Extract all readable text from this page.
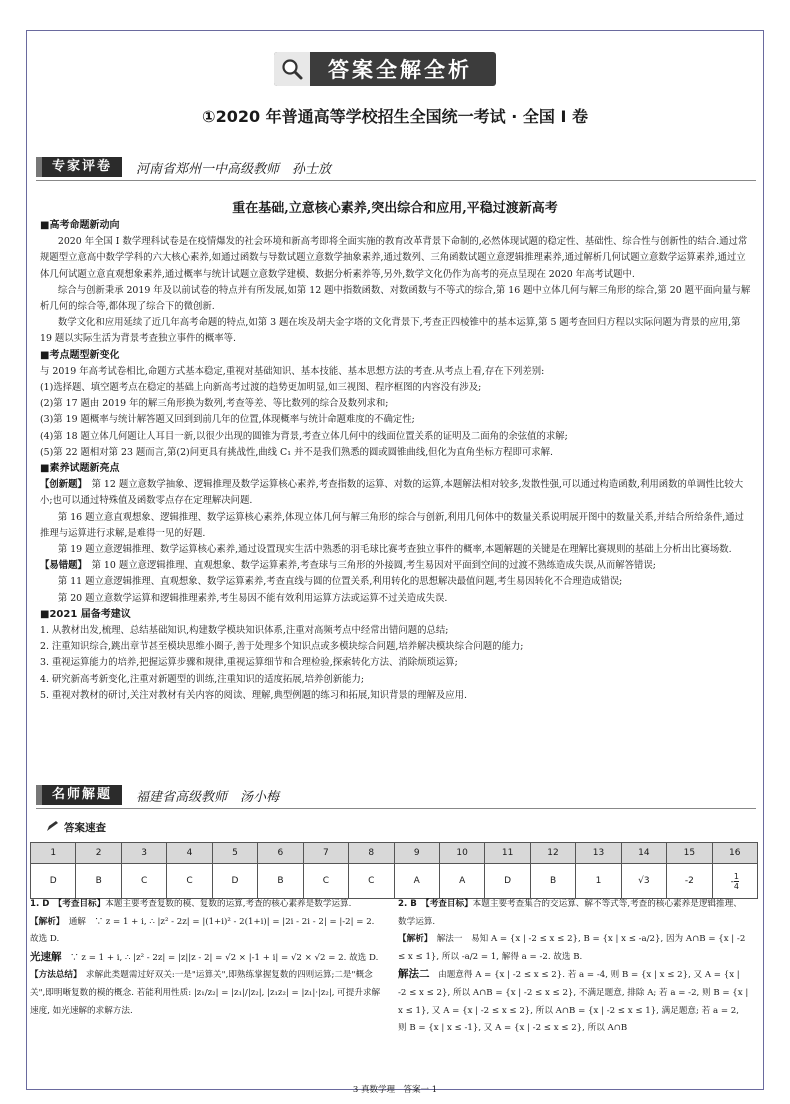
答案全解全析
①2020 年普通高等学校招生全国统一考试 · 全国 Ⅰ 卷
专家评卷	河南省郑州一中高级教师　孙士放
重在基础,立意核心素养,突出综合和应用,平稳过渡新高考

■高考命题新动向

2020 年全国 Ⅰ 数学理科试卷是在疫情爆发的社会环境和新高考即将全面实施的教育改革背景下命制的,必然体现试题的稳定性、基础性、综合性与创新性的结合.通过常规题型立意高中数学学科的六大核心素养,如通过函数与导数试题立意数学抽象素养,通过数列、三角函数试题立意逻辑推理素养,通过解析几何试题立意数学运算素养,通过立体几何试题立意直观想象素养,通过概率与统计试题立意数学建模、数据分析素养等,另外,数学文化仍作为高考的亮点呈现在 2020 年高考试题中.

综合与创新秉承 2019 年及以前试卷的特点并有所发展,如第 12 题中指数函数、对数函数与不等式的综合,第 16 题中立体几何与解三角形的综合,第 20 题平面向量与解析几何的综合等,都体现了综合下的微创新.

数学文化和应用延续了近几年高考命题的特点,如第 3 题在埃及胡夫金字塔的文化背景下,考查正四棱锥中的基本运算,第 5 题考查回归方程以实际问题为背景的应用,第 19 题以实际生活为背景考查独立事件的概率等.

■考点题型新变化

与 2019 年高考试卷相比,命题方式基本稳定,重视对基础知识、基本技能、基本思想方法的考查.从考点上看,存在下列差别:

(1)选择题、填空题考点在稳定的基础上向新高考过渡的趋势更加明显,如三视图、程序框图的内容没有涉及;

(2)第 17 题由 2019 年的解三角形换为数列,考查等差、等比数列的综合及数列求和;

(3)第 19 题概率与统计解答题又回到到前几年的位置,体现概率与统计命题难度的不确定性;

(4)第 18 题立体几何题让人耳目一新,以很少出现的圆锥为背景,考查立体几何中的线面位置关系的证明及二面角的余弦值的求解;

(5)第 22 题相对第 23 题而言,第(2)问更具有挑战性,曲线 C₁ 并不是我们熟悉的圆或圆锥曲线,但化为直角坐标方程即可求解.

■素养试题新亮点

【创新题】　 第 12 题立意数学抽象、逻辑推理及数学运算核心素养,考查指数的运算、对数的运算,本题解法相对较多,发散性强,可以通过构造函数,利用函数的单调性比较大小;也可以通过特殊值及函数零点存在定理解决问题.

第 16 题立意直观想象、逻辑推理、数学运算核心素养,体现立体几何与解三角形的综合与创新,利用几何体中的数量关系说明展开图中的数量关系,并结合所给条件,通过推理与运算进行求解,是难得一见的好题.

第 19 题立意逻辑推理、数学运算核心素养,通过设置现实生活中熟悉的羽毛球比赛考查独立事件的概率,本题解题的关键是在理解比赛规则的基础上分析出比赛场数.

【易错题】　 第 10 题立意逻辑推理、直观想象、数学运算素养,考查球与三角形的外接圆,考生易因对平面到空间的过渡不熟练造成失误,从而解答错误;

第 11 题立意逻辑推理、直观想象、数学运算素养,考查直线与圆的位置关系,利用转化的思想解决最值问题,考生易因转化不合理造成错误;

第 20 题立意数学运算和逻辑推理素养,考生易因不能有效利用运算方法或运算不过关造成失误.

■2021 届备考建议

1. 从教材出发,梳理、总结基础知识,构建数学模块知识体系,注重对高频考点中经常出错问题的总结;

2. 注重知识综合,跳出章节甚至模块思维小圈子,善于处理多个知识点或多模块综合问题,培养解决模块综合问题的能力;

3. 重视运算能力的培养,把握运算步骤和规律,重视运算细节和合理检验,探索转化方法、消除烦琐运算;

4. 研究新高考新变化,注重对新题型的训练,注重知识的适度拓展,培养创新能力;

5. 重视对教材的研讨,关注对教材有关内容的阅读、理解,典型例题的练习和拓展,知识背景的理解及应用.

名师解题	福建省高级教师　汤小梅
答案速查
1	2	3	4	5	6	7	8	9	10	11	12	13	14	15	16
D	B	C	C	D	B	C	C	A	A	D	B	1	√3	-2	- $\frac{1}{4}$

1. D　 【考查目标】本题主要考查复数的模、复数的运算,考查的核心素养是数学运算.

【解析】　 通解　∵ z = 1 + i, ∴ |z² - 2z| = |(1+i)² - 2(1+i)| = |2i - 2i - 2| = |-2| = 2. 故选 D.

光速解　 ∵ z = 1 + i, ∴ |z² - 2z| = |z||z - 2| = √2 × |-1 + i| = √2 × √2 = 2. 故选 D.

【方法总结】　 求解此类题需过好双关:一是"运算关",即熟练掌握复数的四则运算;二是"概念关",即明晰复数的模的概念. 若能利用性质: |z₁/z₂| = |z₁|/|z₂|, |z₁z₂| = |z₁|·|z₂|, 可提升求解速度, 如光速解的求解方法.

2. B　 【考查目标】本题主要考查集合的交运算、解不等式等,考查的核心素养是逻辑推理、数学运算.

【解析】　 解法一　易知 A = {x | -2 ≤ x ≤ 2}, B = {x | x ≤ -a/2}, 因为 A∩B = {x | -2 ≤ x ≤ 1}, 所以 -a/2 = 1, 解得 a = -2. 故选 B.

解法二　 由题意得 A = {x | -2 ≤ x ≤ 2}. 若 a = -4, 则 B = {x | x ≤ 2}, 又 A = {x | -2 ≤ x ≤ 2}, 所以 A∩B = {x | -2 ≤ x ≤ 2}, 不满足题意, 排除 A; 若 a = -2, 则 B = {x | x ≤ 1}, 又 A = {x | -2 ≤ x ≤ 2}, 所以 A∩B = {x | -2 ≤ x ≤ 1}, 满足题意; 若 a = 2, 则 B = {x | x ≤ -1}, 又 A = {x | -2 ≤ x ≤ 2}, 所以 A∩B

3 真数学理　答案一 1
